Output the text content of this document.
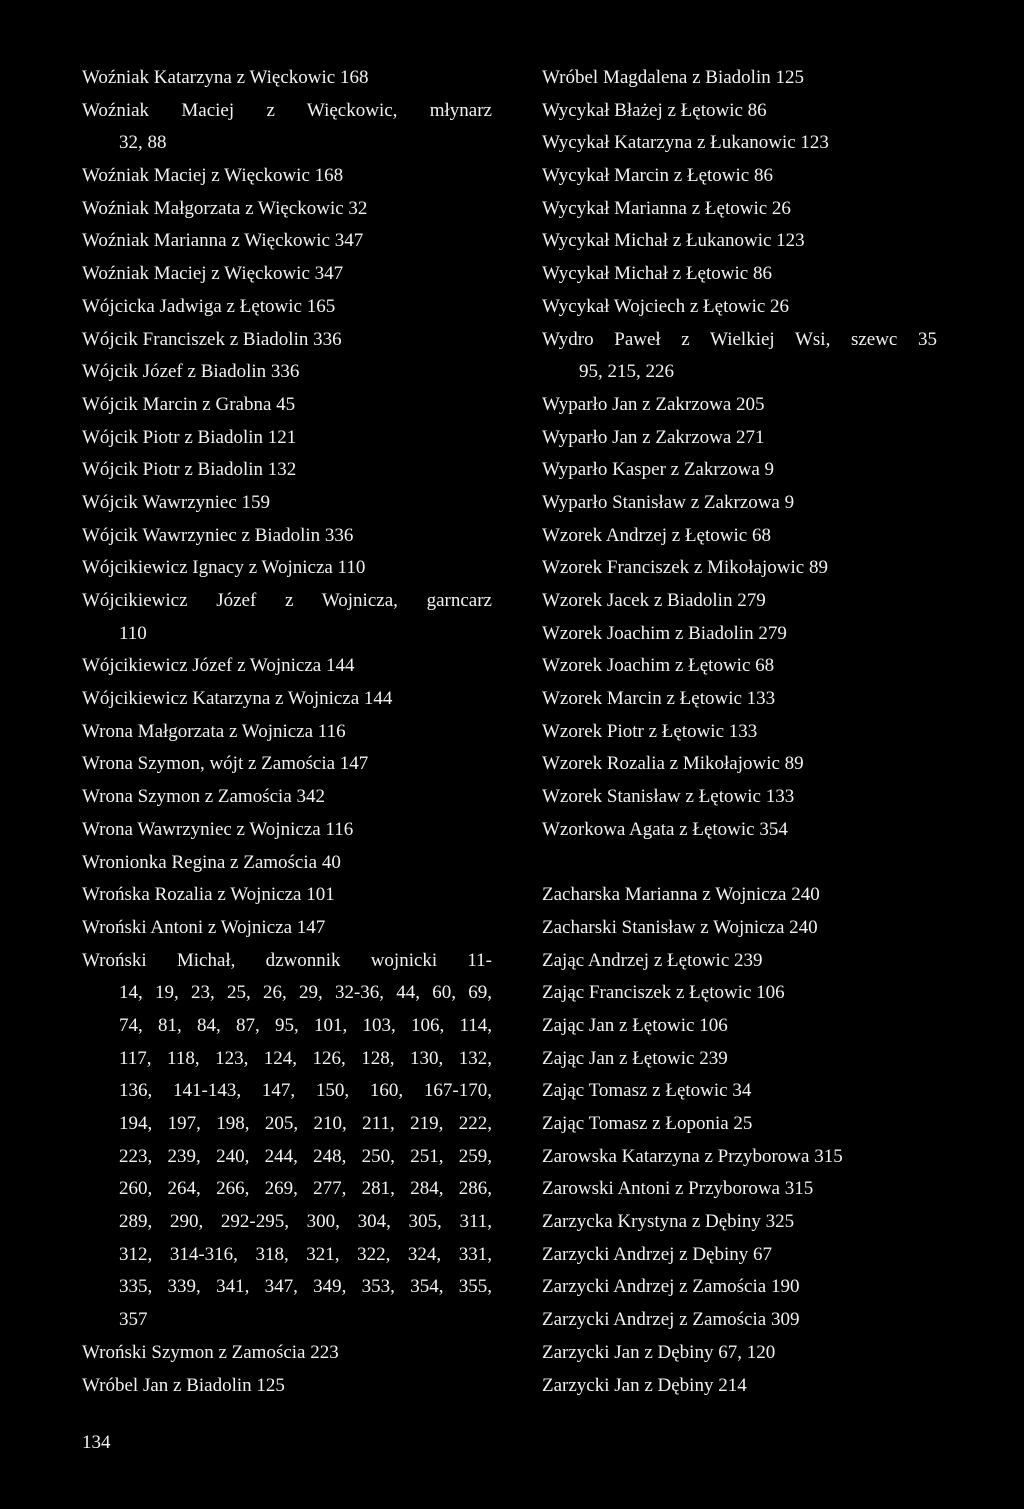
Woźniak Katarzyna z Więckowic 168
Woźniak Maciej z Więckowic, młynarz
32, 88
Woźniak Maciej z Więckowic 168
Woźniak Małgorzata z Więckowic 32
Woźniak Marianna z Więckowic 347
Woźniak Maciej z Więckowic 347
Wójcicka Jadwiga z Łętowic 165
Wójcik Franciszek z Biadolin 336
Wójcik Józef z Biadolin 336
Wójcik Marcin z Grabna 45
Wójcik Piotr z Biadolin 121
Wójcik Piotr z Biadolin 132
Wójcik Wawrzyniec 159
Wójcik Wawrzyniec z Biadolin 336
Wójcikiewicz Ignacy z Wojnicza 110
Wójcikiewicz Józef z Wojnicza, garncarz
110
Wójcikiewicz Józef z Wojnicza 144
Wójcikiewicz Katarzyna z Wojnicza 144
Wrona Małgorzata z Wojnicza 116
Wrona Szymon, wójt z Zamościa 147
Wrona Szymon z Zamościa 342
Wrona Wawrzyniec z Wojnicza 116
Wronionka Regina z Zamościa 40
Wrońska Rozalia z Wojnicza 101
Wroński Antoni z Wojnicza 147
Wroński Michał, dzwonnik wojnicki 11-
14, 19, 23, 25, 26, 29, 32-36, 44, 60, 69,
74, 81, 84, 87, 95, 101, 103, 106, 114,
117, 118, 123, 124, 126, 128, 130, 132,
136, 141-143, 147, 150, 160, 167-170,
194, 197, 198, 205, 210, 211, 219, 222,
223, 239, 240, 244, 248, 250, 251, 259,
260, 264, 266, 269, 277, 281, 284, 286,
289, 290, 292-295, 300, 304, 305, 311,
312, 314-316, 318, 321, 322, 324, 331,
335, 339, 341, 347, 349, 353, 354, 355,
357
Wroński Szymon z Zamościa 223
Wróbel Jan z Biadolin 125
Wróbel Magdalena z Biadolin 125
Wycykał Błażej z Łętowic 86
Wycykał Katarzyna z Łukanowic 123
Wycykał Marcin z Łętowic 86
Wycykał Marianna z Łętowic 26
Wycykał Michał z Łukanowic 123
Wycykał Michał z Łętowic 86
Wycykał Wojciech z Łętowic 26
Wydro Paweł z Wielkiej Wsi, szewc 35
95, 215, 226
Wyparło Jan z Zakrzowa 205
Wyparło Jan z Zakrzowa 271
Wyparło Kasper z Zakrzowa 9
Wyparło Stanisław z Zakrzowa 9
Wzorek Andrzej z Łętowic 68
Wzorek Franciszek z Mikołajowic 89
Wzorek Jacek z Biadolin 279
Wzorek Joachim z Biadolin 279
Wzorek Joachim z Łętowic 68
Wzorek Marcin z Łętowic 133
Wzorek Piotr z Łętowic 133
Wzorek Rozalia z Mikołajowic 89
Wzorek Stanisław z Łętowic 133
Wzorkowa Agata z Łętowic 354
Zacharska Marianna z Wojnicza 240
Zacharski Stanisław z Wojnicza 240
Zając Andrzej z Łętowic 239
Zając Franciszek z Łętowic 106
Zając Jan z Łętowic 106
Zając Jan z Łętowic 239
Zając Tomasz z Łętowic 34
Zając Tomasz z Łoponia 25
Zarowska Katarzyna z Przyborowa 315
Zarowski Antoni z Przyborowa 315
Zarzycka Krystyna z Dębiny 325
Zarzycki Andrzej z Dębiny 67
Zarzycki Andrzej z Zamościa 190
Zarzycki Andrzej z Zamościa 309
Zarzycki Jan z Dębiny 67, 120
Zarzycki Jan z Dębiny 214
134
